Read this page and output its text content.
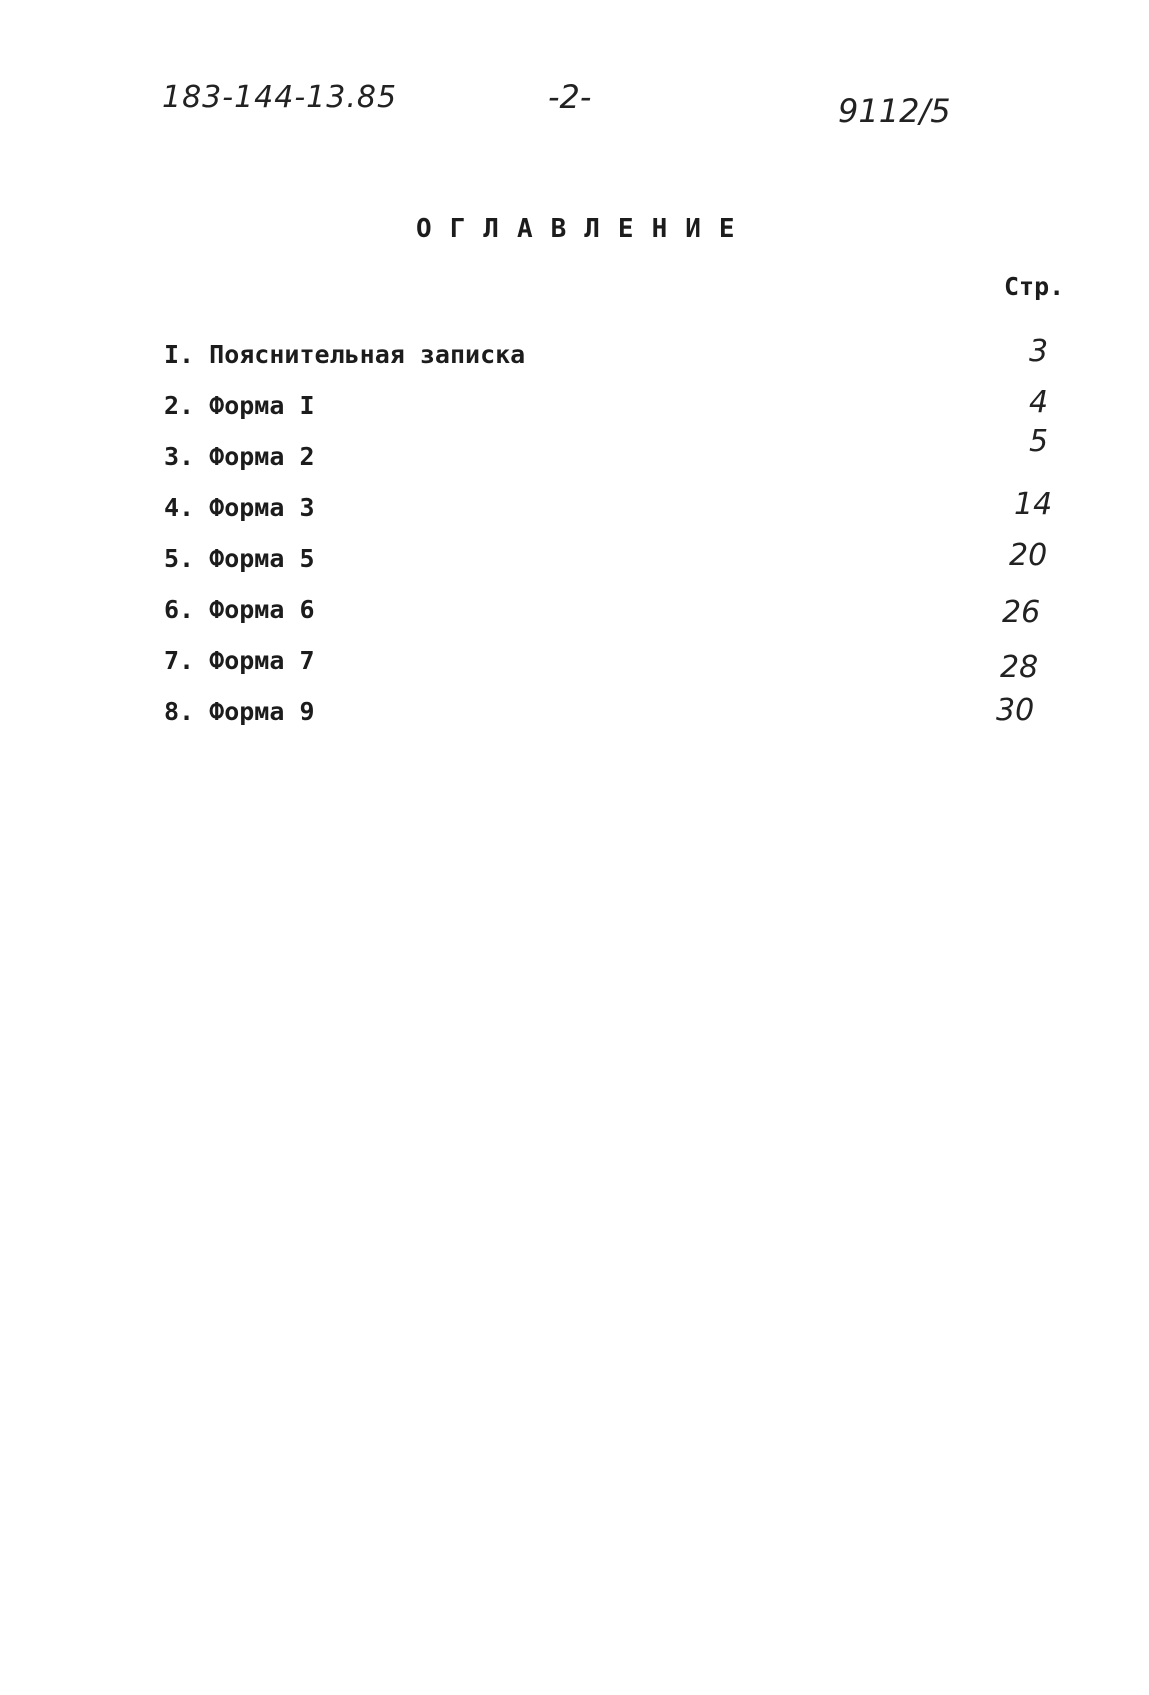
183-144-13.85	-2-	9112/5
ОГЛАВЛЕНИЕ
Стр.
I. Пояснительная записка	3
2. Форма I	4
3. Форма 2	5
4. Форма 3	14
5. Форма 5	20
6. Форма 6	26
7. Форма 7	28
8. Форма 9	30
